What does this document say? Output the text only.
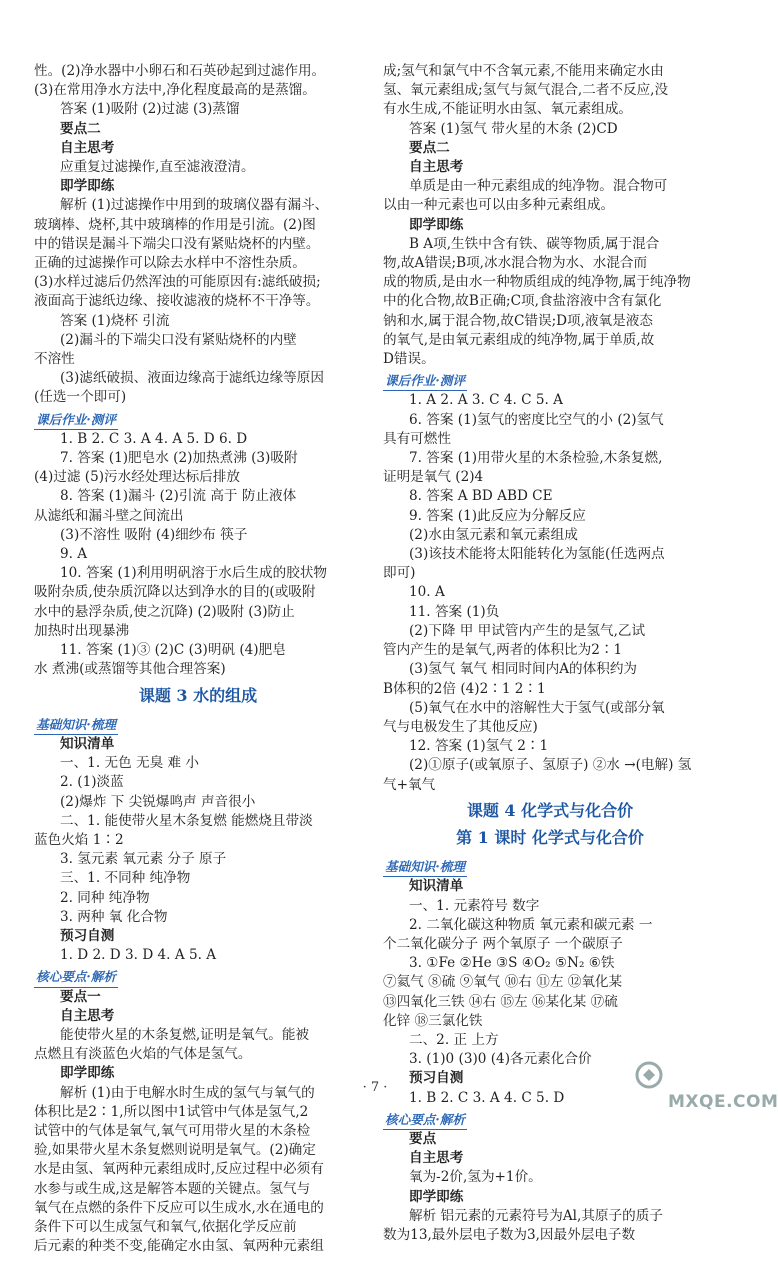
性。(2)净水器中小卵石和石英砂起到过滤作用。
(3)在常用净水方法中,净化程度最高的是蒸馏。
答案 (1)吸附 (2)过滤 (3)蒸馏
要点二
自主思考
应重复过滤操作,直至滤液澄清。
即学即练
解析 (1)过滤操作中用到的玻璃仪器有漏斗、
玻璃棒、烧杯,其中玻璃棒的作用是引流。(2)图
中的错误是漏斗下端尖口没有紧贴烧杯的内壁。
正确的过滤操作可以除去水样中不溶性杂质。
(3)水样过滤后仍然浑浊的可能原因有:滤纸破损;
液面高于滤纸边缘、接收滤液的烧杯不干净等。
答案 (1)烧杯 引流
(2)漏斗的下端尖口没有紧贴烧杯的内壁
不溶性
(3)滤纸破损、液面边缘高于滤纸边缘等原因
(任选一个即可)
课后作业·测评
1. B 2. C 3. A 4. A 5. D 6. D
7. 答案 (1)肥皂水 (2)加热煮沸 (3)吸附
(4)过滤 (5)污水经处理达标后排放
8. 答案 (1)漏斗 (2)引流 高于 防止液体
从滤纸和漏斗壁之间流出
(3)不溶性 吸附 (4)细纱布 筷子
9. A
10. 答案 (1)利用明矾溶于水后生成的胶状物
吸附杂质,使杂质沉降以达到净水的目的(或吸附
水中的悬浮杂质,使之沉降) (2)吸附 (3)防止
加热时出现暴沸
11. 答案 (1)③ (2)C (3)明矾 (4)肥皂
水 煮沸(或蒸馏等其他合理答案)
课题 3 水的组成
基础知识·梳理
知识清单
一、1. 无色 无臭 难 小
2. (1)淡蓝
(2)爆炸 下 尖锐爆鸣声 声音很小
二、1. 能使带火星木条复燃 能燃烧且带淡
蓝色火焰 1∶2
3. 氢元素 氧元素 分子 原子
三、1. 不同种 纯净物
2. 同种 纯净物
3. 两种 氧 化合物
预习自测
1. D 2. D 3. D 4. A 5. A
核心要点·解析
要点一
自主思考
能使带火星的木条复燃,证明是氧气。能被
点燃且有淡蓝色火焰的气体是氢气。
即学即练
解析 (1)由于电解水时生成的氢气与氧气的
体积比是2∶1,所以图中1试管中气体是氢气,2
试管中的气体是氧气,氧气可用带火星的木条检
验,如果带火星木条复燃则说明是氧气。(2)确定
水是由氢、氧两种元素组成时,反应过程中必须有
水参与或生成,这是解答本题的关键点。氢气与
氧气在点燃的条件下反应可以生成水,水在通电的
条件下可以生成氢气和氧气,依据化学反应前
后元素的种类不变,能确定水由氢、氧两种元素组
成;氢气和氯气中不含氧元素,不能用来确定水由
氢、氧元素组成;氢气与氮气混合,二者不反应,没
有水生成,不能证明水由氢、氧元素组成。
答案 (1)氢气 带火星的木条 (2)CD
要点二
自主思考
单质是由一种元素组成的纯净物。混合物可
以由一种元素也可以由多种元素组成。
即学即练
B A项,生铁中含有铁、碳等物质,属于混合
物,故A错误;B项,冰水混合物为水、水混合而
成的物质,是由水一种物质组成的纯净物,属于纯净物
中的化合物,故B正确;C项,食盐溶液中含有氯化
钠和水,属于混合物,故C错误;D项,液氧是液态
的氧气,是由氧元素组成的纯净物,属于单质,故
D错误。
课后作业·测评
1. A 2. A 3. C 4. C 5. A
6. 答案 (1)氢气的密度比空气的小 (2)氢气
具有可燃性
7. 答案 (1)用带火星的木条检验,木条复燃,
证明是氧气 (2)4
8. 答案 A BD ABD CE
9. 答案 (1)此反应为分解反应
(2)水由氢元素和氧元素组成
(3)该技术能将太阳能转化为氢能(任选两点
即可)
10. A
11. 答案 (1)负
(2)下降 甲 甲试管内产生的是氢气,乙试
管内产生的是氧气,两者的体积比为2∶1
(3)氢气 氧气 相同时间内A的体积约为
B体积的2倍 (4)2∶1 2∶1
(5)氧气在水中的溶解性大于氢气(或部分氧
气与电极发生了其他反应)
12. 答案 (1)氢气 2∶1
(2)①原子(或氧原子、氢原子) ②水 →(电解) 氢
气+氧气
课题 4 化学式与化合价
第 1 课时 化学式与化合价
基础知识·梳理
知识清单
一、1. 元素符号 数字
2. 二氧化碳这种物质 氧元素和碳元素 一
个二氧化碳分子 两个氧原子 一个碳原子
3. ①Fe ②He ③S ④O₂ ⑤N₂ ⑥铁
⑦氦气 ⑧硫 ⑨氧气 ⑩右 ⑪左 ⑫氧化某
⑬四氧化三铁 ⑭右 ⑮左 ⑯某化某 ⑰硫
化锌 ⑱三氯化铁
二、2. 正 上方
3. (1)0 (3)0 (4)各元素化合价
预习自测
1. B 2. C 3. A 4. C 5. D
核心要点·解析
要点
自主思考
氧为-2价,氢为+1价。
即学即练
解析 铝元素的元素符号为Al,其原子的质子
数为13,最外层电子数为3,因最外层电子数
· 7 ·
MXQE.COM
